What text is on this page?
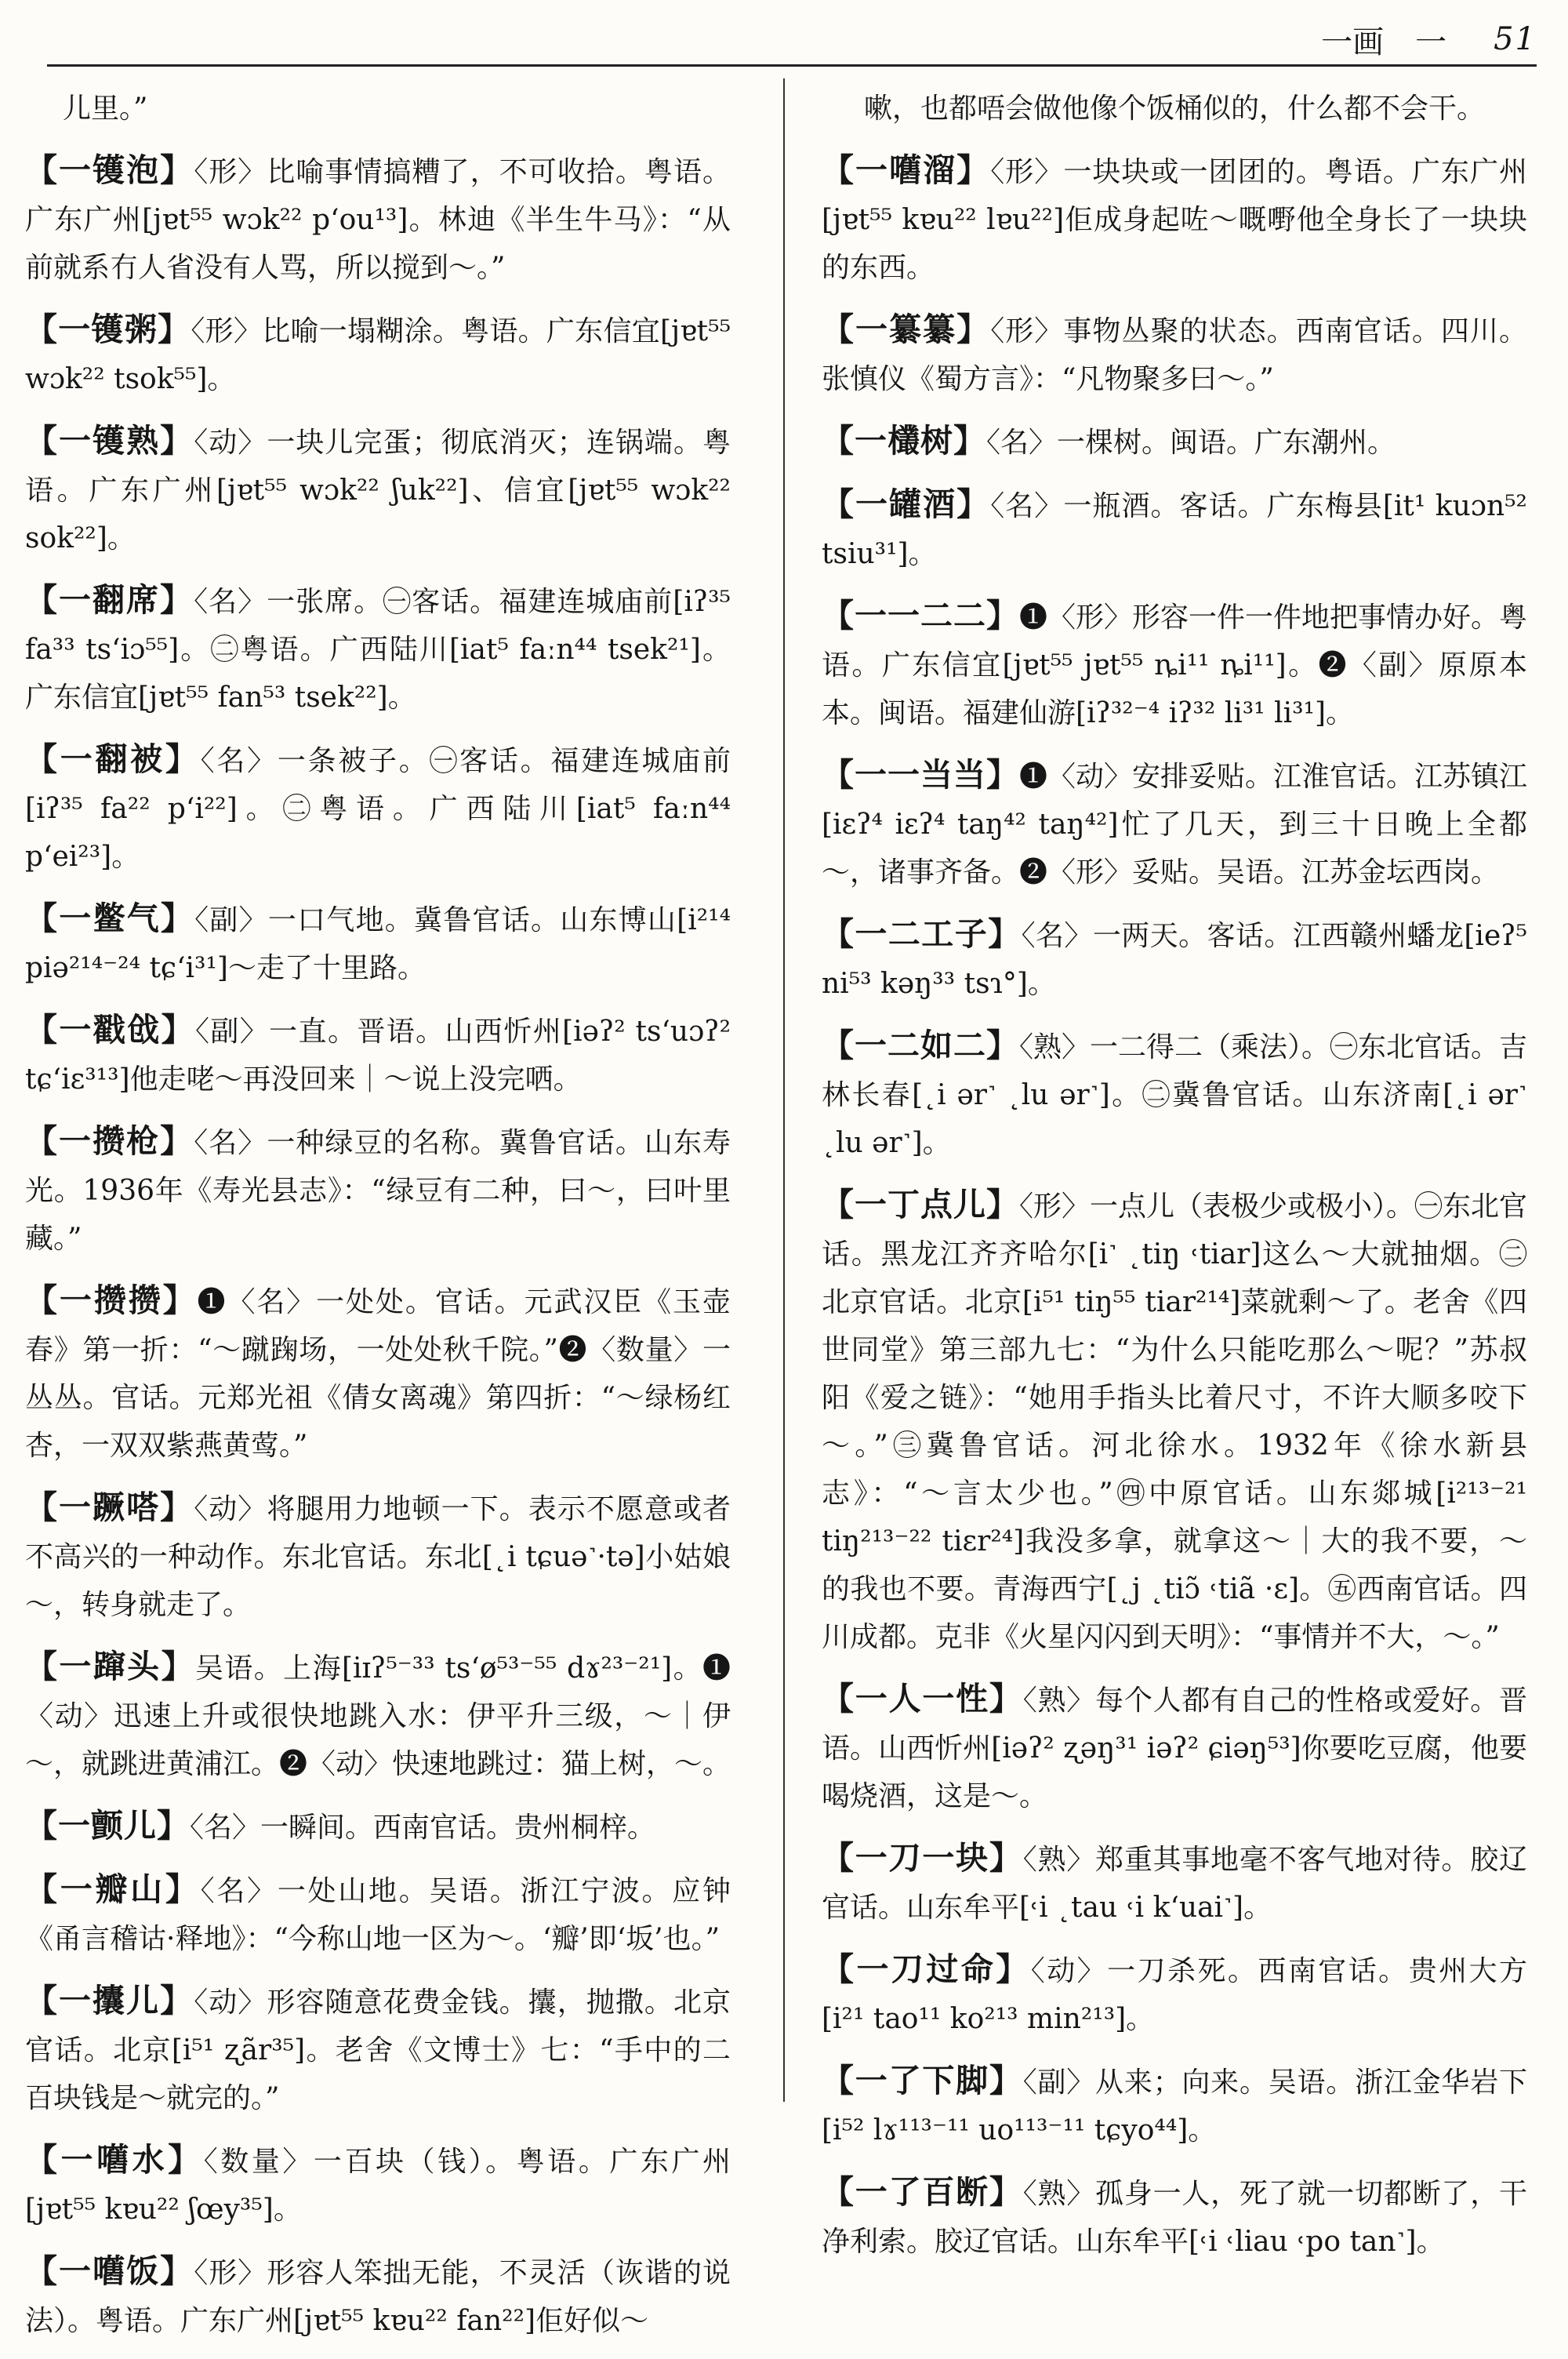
一画　一 51
儿里。”
【一镬泡】〈形〉比喻事情搞糟了，不可收拾。粤语。广东广州[jɐt⁵⁵ wɔk²² pʻou¹³]。林迪《半生牛马》：“从前就系冇人省没有人骂，所以搅到～。”
【一镬粥】〈形〉比喻一塌糊涂。粤语。广东信宜[jɐt⁵⁵ wɔk²² tsok⁵⁵]。
【一镬熟】〈动〉一块儿完蛋；彻底消灭；连锅端。粤语。广东广州[jɐt⁵⁵ wɔk²² ʃuk²²]、信宜[jɐt⁵⁵ wɔk²² sok²²]。
【一翻席】〈名〉一张席。㊀客话。福建连城庙前[iʔ³⁵ fa³³ tsʻiɔ⁵⁵]。㊁粤语。广西陆川[iat⁵ faːn⁴⁴ tsek²¹]。广东信宜[jɐt⁵⁵ fan⁵³ tsek²²]。
【一翻被】〈名〉一条被子。㊀客话。福建连城庙前[iʔ³⁵ fa²² pʻi²²]。㊁粤语。广西陆川[iat⁵ faːn⁴⁴ pʻei²³]。
【一鳖气】〈副〉一口气地。冀鲁官话。山东博山[i²¹⁴ piə²¹⁴⁻²⁴ tɕʻi³¹]～走了十里路。
【一戳戗】〈副〉一直。晋语。山西忻州[iəʔ² tsʻuɔʔ² tɕʻiɛ³¹³]他走咾～再没回来｜～说上没完哂。
【一攒枪】〈名〉一种绿豆的名称。冀鲁官话。山东寿光。1936年《寿光县志》：“绿豆有二种，曰～，曰叶里藏。”
【一攒攒】❶〈名〉一处处。官话。元武汉臣《玉壶春》第一折：“～蹴踘场，一处处秋千院。”❷〈数量〉一丛丛。官话。元郑光祖《倩女离魂》第四折：“～绿杨红杏，一双双紫燕黄莺。”
【一蹶嗒】〈动〉将腿用力地顿一下。表示不愿意或者不高兴的一种动作。东北官话。东北[˛i tɕuə˺·tə]小姑娘～，转身就走了。
【一蹿头】吴语。上海[iɪʔ⁵⁻³³ tsʻø⁵³⁻⁵⁵ dɤ²³⁻²¹]。❶〈动〉迅速上升或很快地跳入水：伊平升三级，～｜伊～，就跳进黄浦江。❷〈动〉快速地跳过：猫上树，～。
【一颤儿】〈名〉一瞬间。西南官话。贵州桐梓。
【一瓣山】〈名〉一处山地。吴语。浙江宁波。应钟《甬言稽诂·释地》：“今称山地一区为～。‘瓣’即‘坂’也。”
【一攮儿】〈动〉形容随意花费金钱。攮，抛撒。北京官话。北京[i⁵¹ ʐãr³⁵]。老舍《文博士》七：“手中的二百块钱是～就完的。”
【一嚿水】〈数量〉一百块（钱）。粤语。广东广州[jɐt⁵⁵ kɐu²² ʃœy³⁵]。
【一嚿饭】〈形〉形容人笨拙无能，不灵活（诙谐的说法）。粤语。广东广州[jɐt⁵⁵ kɐu²² fan²²]佢好似～
嗽，也都唔会做他像个饭桶似的，什么都不会干。
【一嚿溜】〈形〉一块块或一团团的。粤语。广东广州[jɐt⁵⁵ kɐu²² lɐu²²]佢成身起咗～嘅嘢他全身长了一块块的东西。
【一纂纂】〈形〉事物丛聚的状态。西南官话。四川。张慎仪《蜀方言》：“凡物聚多曰～。”
【一欉树】〈名〉一棵树。闽语。广东潮州。
【一罐酒】〈名〉一瓶酒。客话。广东梅县[it¹ kuɔn⁵² tsiu³¹]。
【一一二二】❶〈形〉形容一件一件地把事情办好。粤语。广东信宜[jɐt⁵⁵ jɐt⁵⁵ ȵi¹¹ ȵi¹¹]。❷〈副〉原原本本。闽语。福建仙游[iʔ³²⁻⁴ iʔ³² li³¹ li³¹]。
【一一当当】❶〈动〉安排妥贴。江淮官话。江苏镇江[iɛʔ⁴ iɛʔ⁴ taŋ⁴² taŋ⁴²]忙了几天，到三十日晚上全都～，诸事齐备。❷〈形〉妥贴。吴语。江苏金坛西岗。
【一二工子】〈名〉一两天。客话。江西赣州蟠龙[ieʔ⁵ ni⁵³ kəŋ³³ tsɿ°]。
【一二如二】〈熟〉一二得二（乘法）。㊀东北官话。吉林长春[˛i ər˺ ˛lu ər˺]。㊁冀鲁官话。山东济南[˛i ər˺ ˛lu ər˺]。
【一丁点儿】〈形〉一点儿（表极少或极小）。㊀东北官话。黑龙江齐齐哈尔[i˺ ˛tiŋ ˓tiar]这么～大就抽烟。㊁北京官话。北京[i⁵¹ tiŋ⁵⁵ tiar²¹⁴]菜就剩～了。老舍《四世同堂》第三部九七：“为什么只能吃那么～呢？”苏叔阳《爱之链》：“她用手指头比着尺寸，不许大顺多咬下～。”㊂冀鲁官话。河北徐水。1932年《徐水新县志》：“～言太少也。”㊃中原官话。山东郯城[i²¹³⁻²¹ tiŋ²¹³⁻²² tiɛr²⁴]我没多拿，就拿这～｜大的我不要，～的我也不要。青海西宁[˛j ˛tiɔ̃ ˓tiã ·ɛ]。㊄西南官话。四川成都。克非《火星闪闪到天明》：“事情并不大，～。”
【一人一性】〈熟〉每个人都有自己的性格或爱好。晋语。山西忻州[iəʔ² ʐəŋ³¹ iəʔ² ɕiəŋ⁵³]你要吃豆腐，他要喝烧酒，这是～。
【一刀一块】〈熟〉郑重其事地毫不客气地对待。胶辽官话。山东牟平[˓i ˛tau ˓i kʻuai˺]。
【一刀过命】〈动〉一刀杀死。西南官话。贵州大方[i²¹ tao¹¹ ko²¹³ min²¹³]。
【一了下脚】〈副〉从来；向来。吴语。浙江金华岩下[i⁵² lɤ¹¹³⁻¹¹ uo¹¹³⁻¹¹ tɕyo⁴⁴]。
【一了百断】〈熟〉孤身一人，死了就一切都断了，干净利索。胶辽官话。山东牟平[˓i ˓liau ˓po tan˺]。
